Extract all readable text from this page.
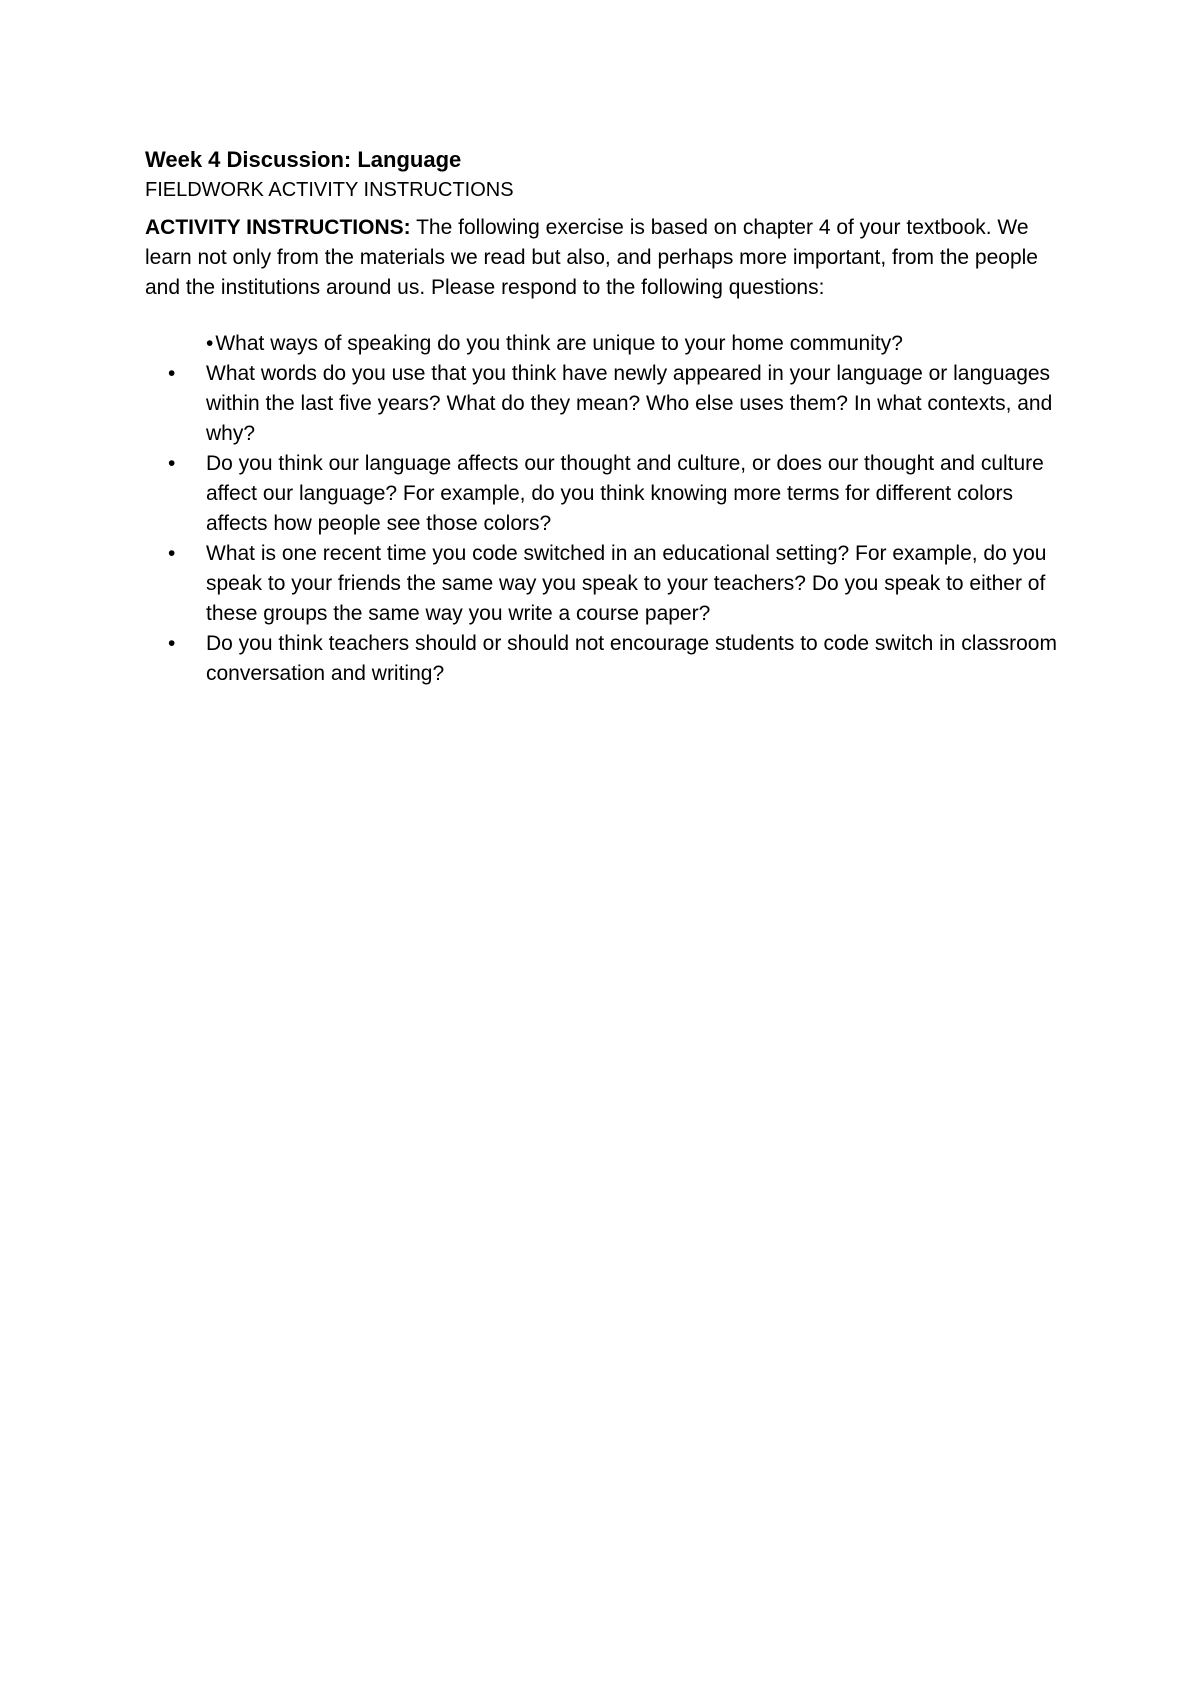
Week 4 Discussion: Language

FIELDWORK ACTIVITY INSTRUCTIONS

ACTIVITY INSTRUCTIONS: The following exercise is based on chapter 4 of your textbook. We learn not only from the materials we read but also, and perhaps more important, from the people and the institutions around us. Please respond to the following questions:

•What ways of speaking do you think are unique to your home community?
• What words do you use that you think have newly appeared in your language or languages within the last five years? What do they mean? Who else uses them? In what contexts, and why?
• Do you think our language affects our thought and culture, or does our thought and culture affect our language? For example, do you think knowing more terms for different colors affects how people see those colors?
• What is one recent time you code switched in an educational setting? For example, do you speak to your friends the same way you speak to your teachers? Do you speak to either of these groups the same way you write a course paper?
• Do you think teachers should or should not encourage students to code switch in classroom conversation and writing?
